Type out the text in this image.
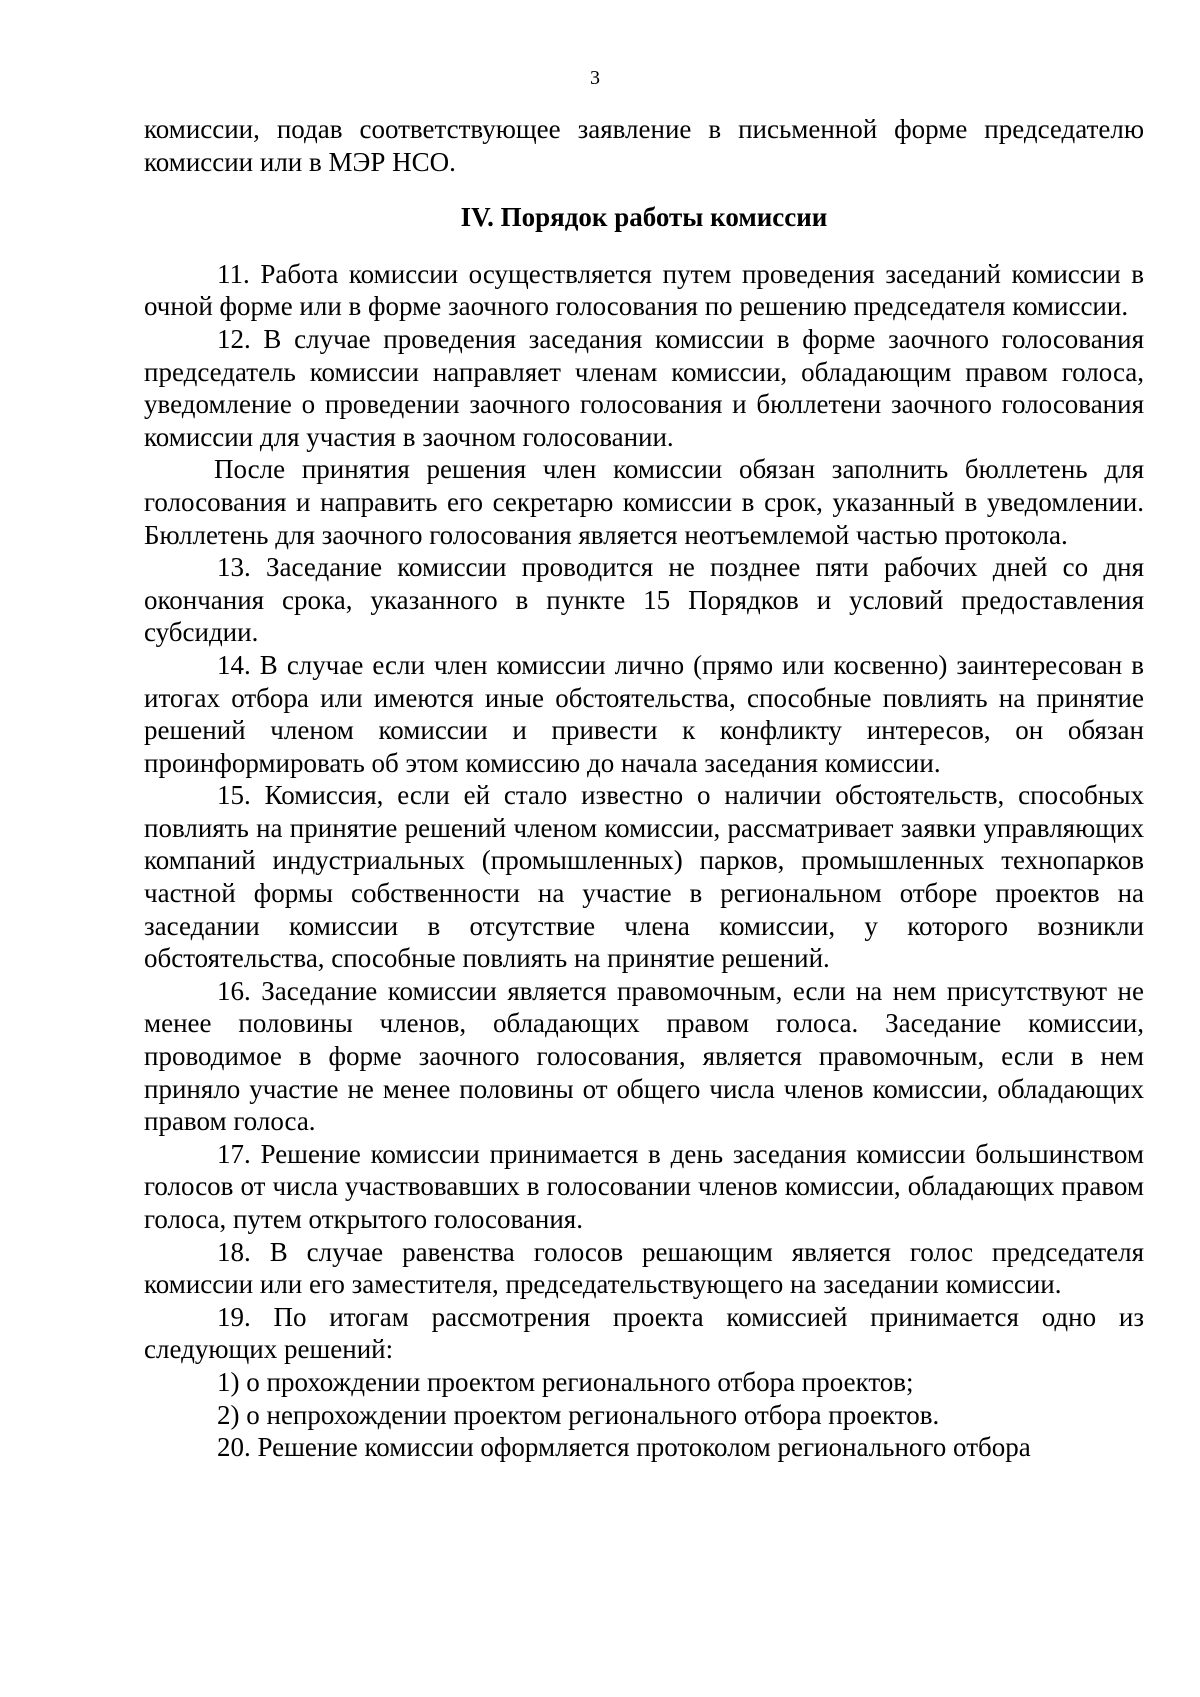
3

комиссии, подав соответствующее заявление в письменной форме председателю комиссии или в МЭР НСО.

IV. Порядок работы комиссии

11. Работа комиссии осуществляется путем проведения заседаний комиссии в очной форме или в форме заочного голосования по решению председателя комиссии.

12. В случае проведения заседания комиссии в форме заочного голосования председатель комиссии направляет членам комиссии, обладающим правом голоса, уведомление о проведении заочного голосования и бюллетени заочного голосования комиссии для участия в заочном голосовании.

После принятия решения член комиссии обязан заполнить бюллетень для голосования и направить его секретарю комиссии в срок, указанный в уведомлении. Бюллетень для заочного голосования является неотъемлемой частью протокола.

13. Заседание комиссии проводится не позднее пяти рабочих дней со дня окончания срока, указанного в пункте 15 Порядков и условий предоставления субсидии.

14. В случае если член комиссии лично (прямо или косвенно) заинтересован в итогах отбора или имеются иные обстоятельства, способные повлиять на принятие решений членом комиссии и привести к конфликту интересов, он обязан проинформировать об этом комиссию до начала заседания комиссии.

15. Комиссия, если ей стало известно о наличии обстоятельств, способных повлиять на принятие решений членом комиссии, рассматривает заявки управляющих компаний индустриальных (промышленных) парков, промышленных технопарков частной формы собственности на участие в региональном отборе проектов на заседании комиссии в отсутствие члена комиссии, у которого возникли обстоятельства, способные повлиять на принятие решений.

16. Заседание комиссии является правомочным, если на нем присутствуют не менее половины членов, обладающих правом голоса. Заседание комиссии, проводимое в форме заочного голосования, является правомочным, если в нем приняло участие не менее половины от общего числа членов комиссии, обладающих правом голоса.

17. Решение комиссии принимается в день заседания комиссии большинством голосов от числа участвовавших в голосовании членов комиссии, обладающих правом голоса, путем открытого голосования.

18. В случае равенства голосов решающим является голос председателя комиссии или его заместителя, председательствующего на заседании комиссии.

19. По итогам рассмотрения проекта комиссией принимается одно из следующих решений:

1) о прохождении проектом регионального отбора проектов;

2) о непрохождении проектом регионального отбора проектов.

20. Решение комиссии оформляется протоколом регионального отбора
